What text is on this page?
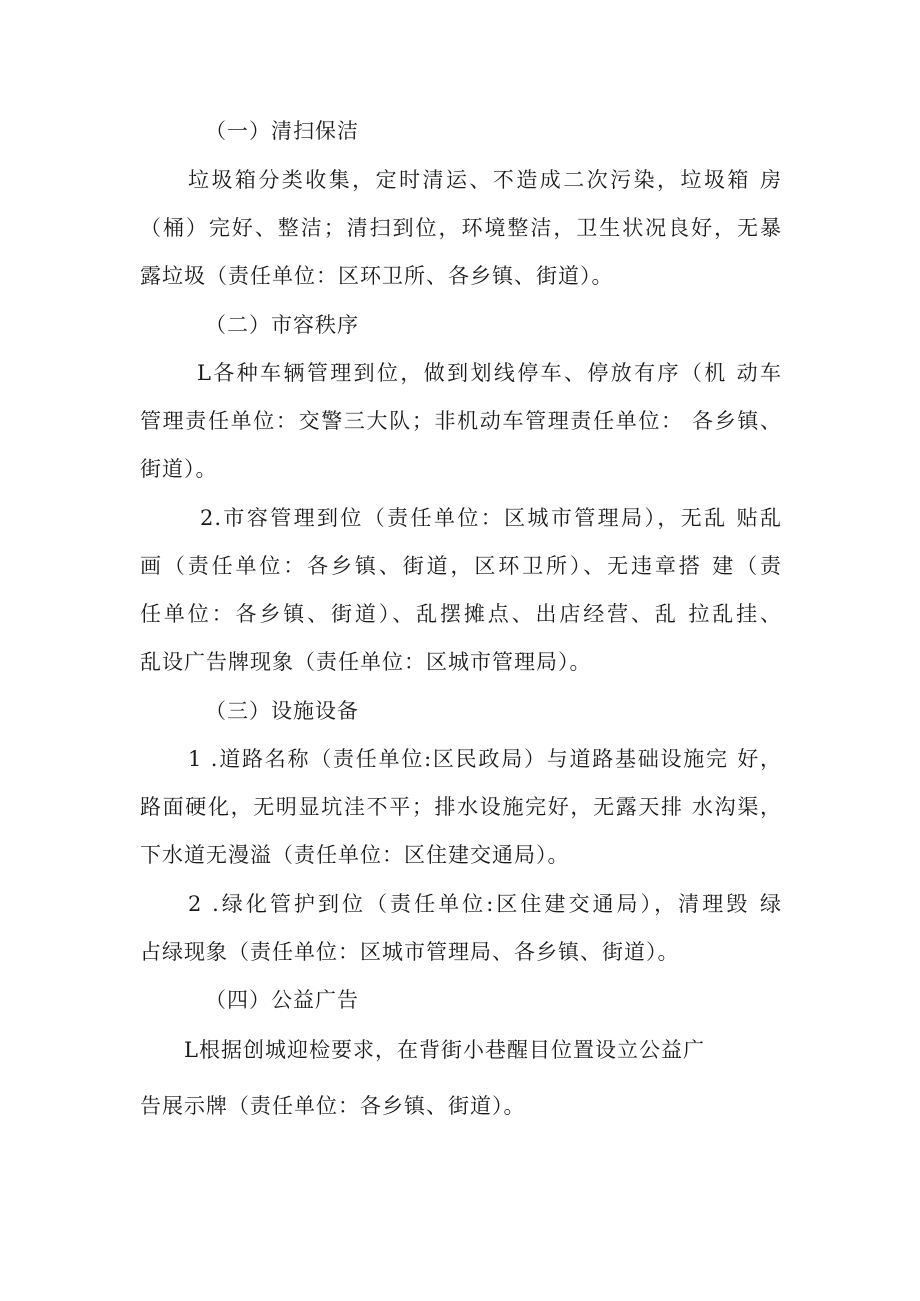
（一）清扫保洁
垃圾箱分类收集，定时清运、不造成二次污染，垃圾箱 房
（桶）完好、整洁；清扫到位，环境整洁，卫生状况良好，无暴
露垃圾（责任单位：区环卫所、各乡镇、街道）。
（二）市容秩序
L各种车辆管理到位，做到划线停车、停放有序（机 动车
管理责任单位：交警三大队；非机动车管理责任单位： 各乡镇、
街道）。
2.市容管理到位（责任单位：区城市管理局），无乱 贴乱
画（责任单位：各乡镇、街道，区环卫所）、无违章搭 建（责
任单位：各乡镇、街道）、乱摆摊点、出店经营、乱 拉乱挂、
乱设广告牌现象（责任单位：区城市管理局）。
（三）设施设备
1 .道路名称（责任单位:区民政局）与道路基础设施完 好，
路面硬化，无明显坑洼不平；排水设施完好，无露天排 水沟渠，
下水道无漫溢（责任单位：区住建交通局）。
2 .绿化管护到位（责任单位:区住建交通局），清理毁 绿
占绿现象（责任单位：区城市管理局、各乡镇、街道）。
（四）公益广告
L根据创城迎检要求，在背街小巷醒目位置设立公益广
告展示牌（责任单位：各乡镇、街道）。
